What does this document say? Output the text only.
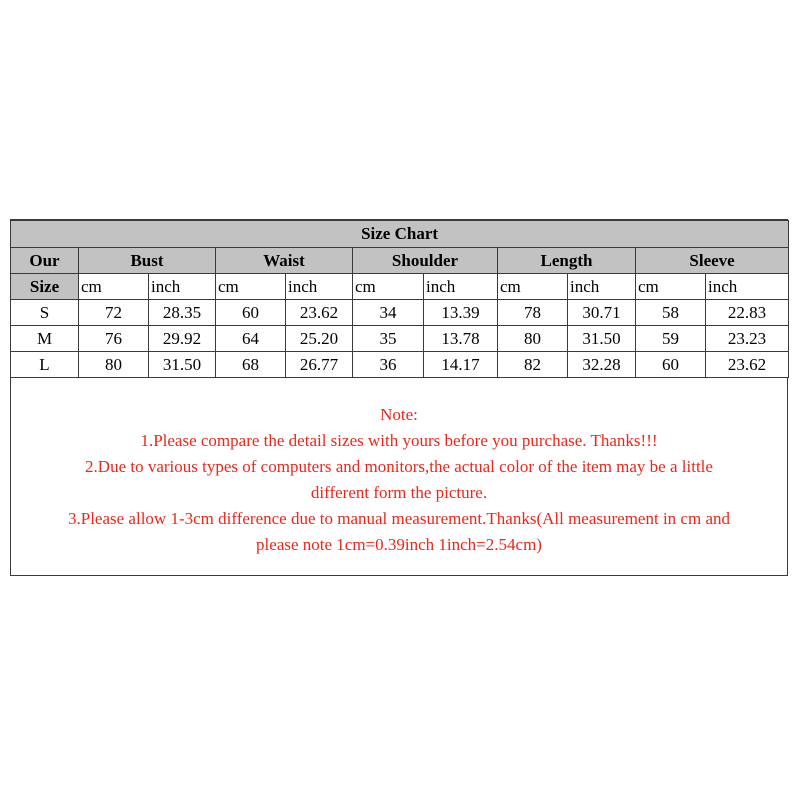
Size Chart										
Our	Bust		Waist		Shoulder		Length		Sleeve	
Size	cm	inch	cm	inch	cm	inch	cm	inch	cm	inch
S	72	28.35	60	23.62	34	13.39	78	30.71	58	22.83
M	76	29.92	64	25.20	35	13.78	80	31.50	59	23.23
L	80	31.50	68	26.77	36	14.17	82	32.28	60	23.62
Note:
1.Please compare the detail sizes with yours before you purchase. Thanks!!!
2.Due to various types of computers and monitors,the actual color of the item may be a little
different form the picture.
3.Please allow 1-3cm difference due to manual measurement.Thanks(All measurement in cm and
please note 1cm=0.39inch 1inch=2.54cm)
